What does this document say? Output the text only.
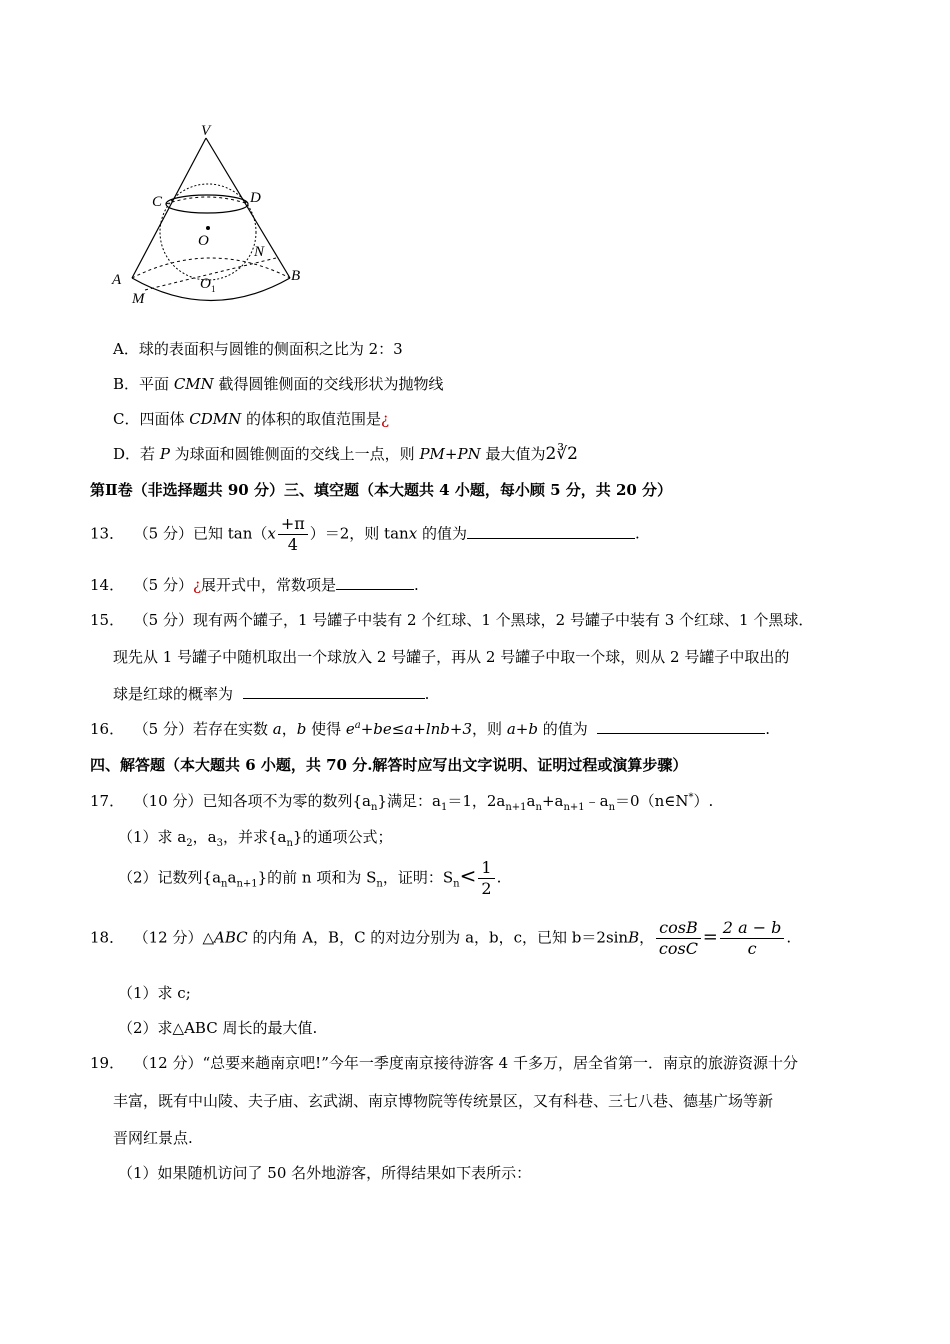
V
C	D
O
N
A	B
M
O 1
A．球的表面积与圆锥的侧面积之比为 2：3
B．平面 CMN 截得圆锥侧面的交线形状为抛物线
C．四面体 CDMN 的体积的取值范围是¿
D．若 P 为球面和圆锥侧面的交线上一点，则 PM+PN 最大值为2∛2
第Ⅱ卷（非选择题共 90 分）三、填空题（本大题共 4 小题，每小顾 5 分，共 20 分）
13． （5 分）已知 $\tan(x \frac{+\pi}{4} )=2$，则 tanx 的值为	.
14． （5 分）¿展开式中，常数项是	.
15． （5 分）现有两个罐子，1 号罐子中装有 2 个红球、1 个黑球，2 号罐子中装有 3 个红球、1 个黑球．
现先从 1 号罐子中随机取出一个球放入 2 号罐子，再从 2 号罐子中取一个球，则从 2 号罐子中取出的
球是红球的概率为	.
16． （5 分）若存在实数 a，b 使得 $e^a+be\le a+\ln b+3$，则 a+b 的值为	.
四、解答题（本大题共 6 小题，共 70 分.解答时应写出文字说明、证明过程或演算步骤）
17． （10 分）已知各项不为零的数列$\{a_n\}$满足：$a_1=1$，$2a_{n+1}a_n+a_{n+1}﹣a_n=0(n\in N^*)$.
（1）求 $a_2$，$a_3$，并求$\{a_n\}$的通项公式；
（2）记数列$\{a_na_{n+1}\}$的前 n 项和为 $S_n$，证明：$S_n< \frac{1}{2}$ .
18． （12 分）△ABC 的内角 A，B，C 的对边分别为 a，b，c，已知 b＝2sinB， $\frac{\cos B}{\cos C} = \frac{2 a - b}{c}$ .
（1）求 c;
（2）求△ABC 周长的最大值.
19． （12 分）“总要来趟南京吧!”今年一季度南京接待游客 4 千多万，居全省第一．南京的旅游资源十分
丰富，既有中山陵、夫子庙、玄武湖、南京博物院等传统景区，又有科巷、三七八巷、德基广场等新
晋网红景点.
（1）如果随机访问了 50 名外地游客，所得结果如下表所示：
